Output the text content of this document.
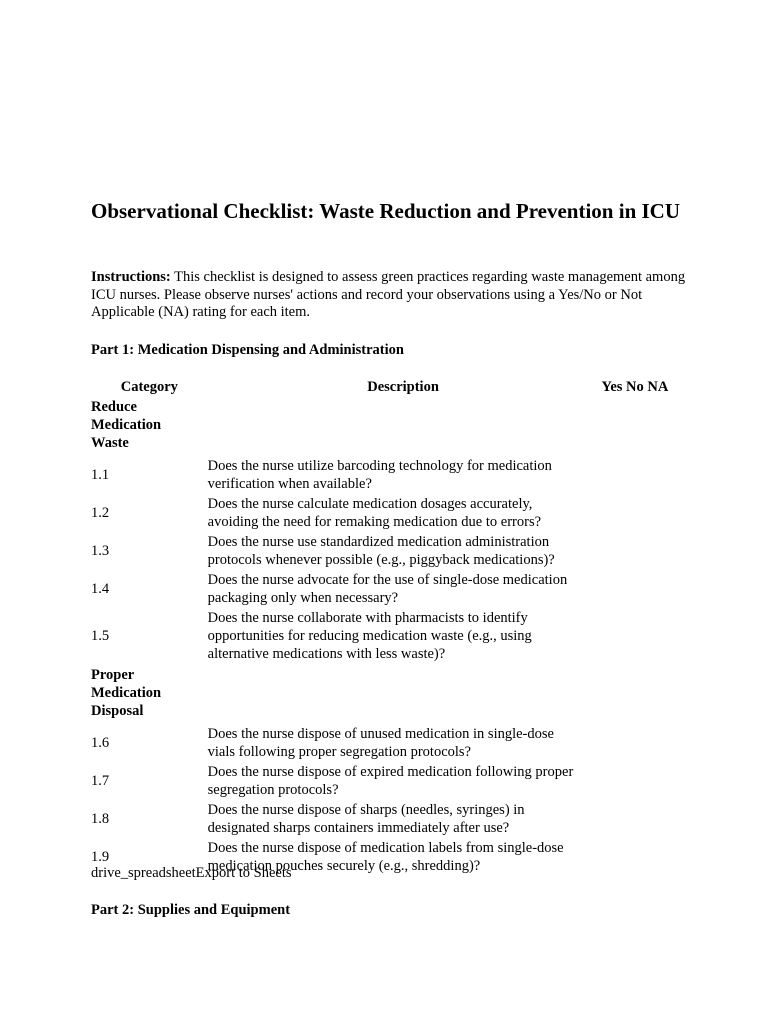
Observational Checklist: Waste Reduction and Prevention in ICU

Instructions: This checklist is designed to assess green practices regarding waste management among ICU nurses. Please observe nurses' actions and record your observations using a Yes/No or Not Applicable (NA) rating for each item.

Part 1: Medication Dispensing and Administration

Category	Description	Yes No NA
Reduce Medication Waste		
1.1	Does the nurse utilize barcoding technology for medication verification when available?	
1.2	Does the nurse calculate medication dosages accurately, avoiding the need for remaking medication due to errors?	
1.3	Does the nurse use standardized medication administration protocols whenever possible (e.g., piggyback medications)?	
1.4	Does the nurse advocate for the use of single-dose medication packaging only when necessary?	
1.5	Does the nurse collaborate with pharmacists to identify opportunities for reducing medication waste (e.g., using alternative medications with less waste)?	
Proper Medication Disposal		
1.6	Does the nurse dispose of unused medication in single-dose vials following proper segregation protocols?	
1.7	Does the nurse dispose of expired medication following proper segregation protocols?	
1.8	Does the nurse dispose of sharps (needles, syringes) in designated sharps containers immediately after use?	
1.9	Does the nurse dispose of medication labels from single-dose medication pouches securely (e.g., shredding)?	

drive_spreadsheetExport to Sheets

Part 2: Supplies and Equipment
